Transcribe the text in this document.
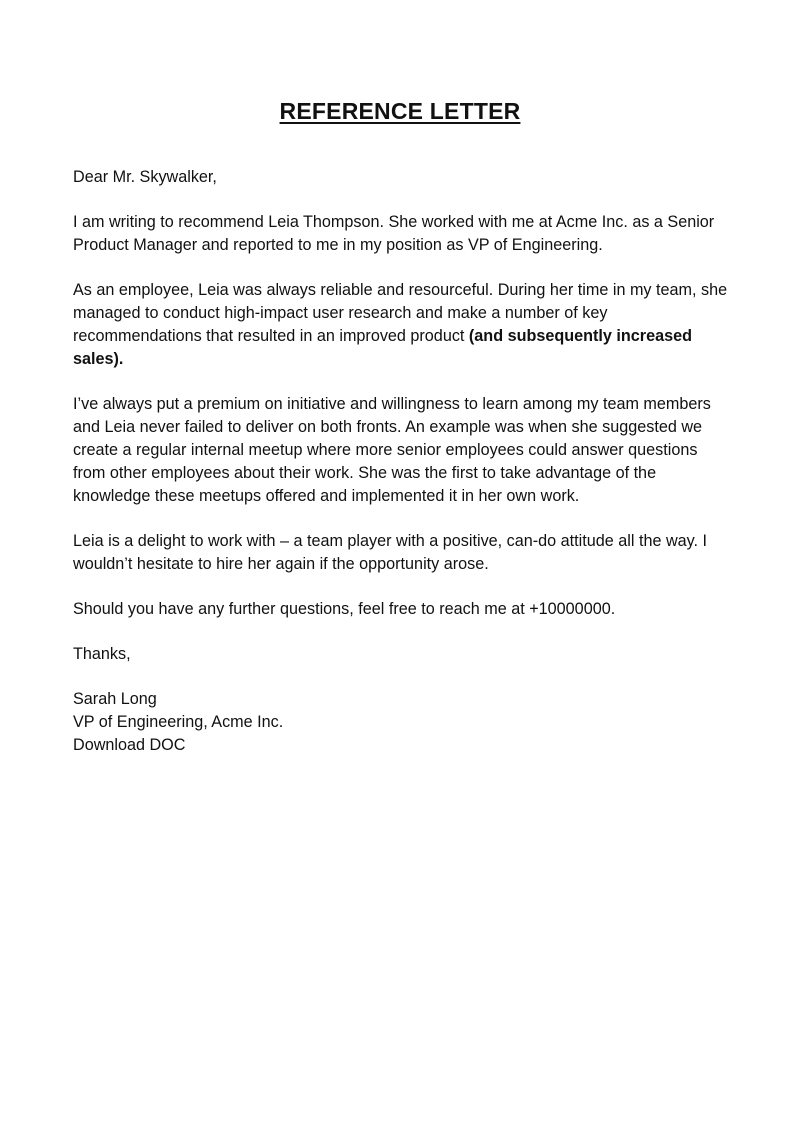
REFERENCE LETTER

Dear Mr. Skywalker,

I am writing to recommend Leia Thompson. She worked with me at Acme Inc. as a Senior Product Manager and reported to me in my position as VP of Engineering.

As an employee, Leia was always reliable and resourceful. During her time in my team, she managed to conduct high-impact user research and make a number of key recommendations that resulted in an improved product (and subsequently increased sales).

I’ve always put a premium on initiative and willingness to learn among my team members and Leia never failed to deliver on both fronts. An example was when she suggested we create a regular internal meetup where more senior employees could answer questions from other employees about their work. She was the first to take advantage of the knowledge these meetups offered and implemented it in her own work.

Leia is a delight to work with – a team player with a positive, can-do attitude all the way. I wouldn’t hesitate to hire her again if the opportunity arose.

Should you have any further questions, feel free to reach me at +10000000.

Thanks,

Sarah Long

VP of Engineering, Acme Inc.

Download DOC
